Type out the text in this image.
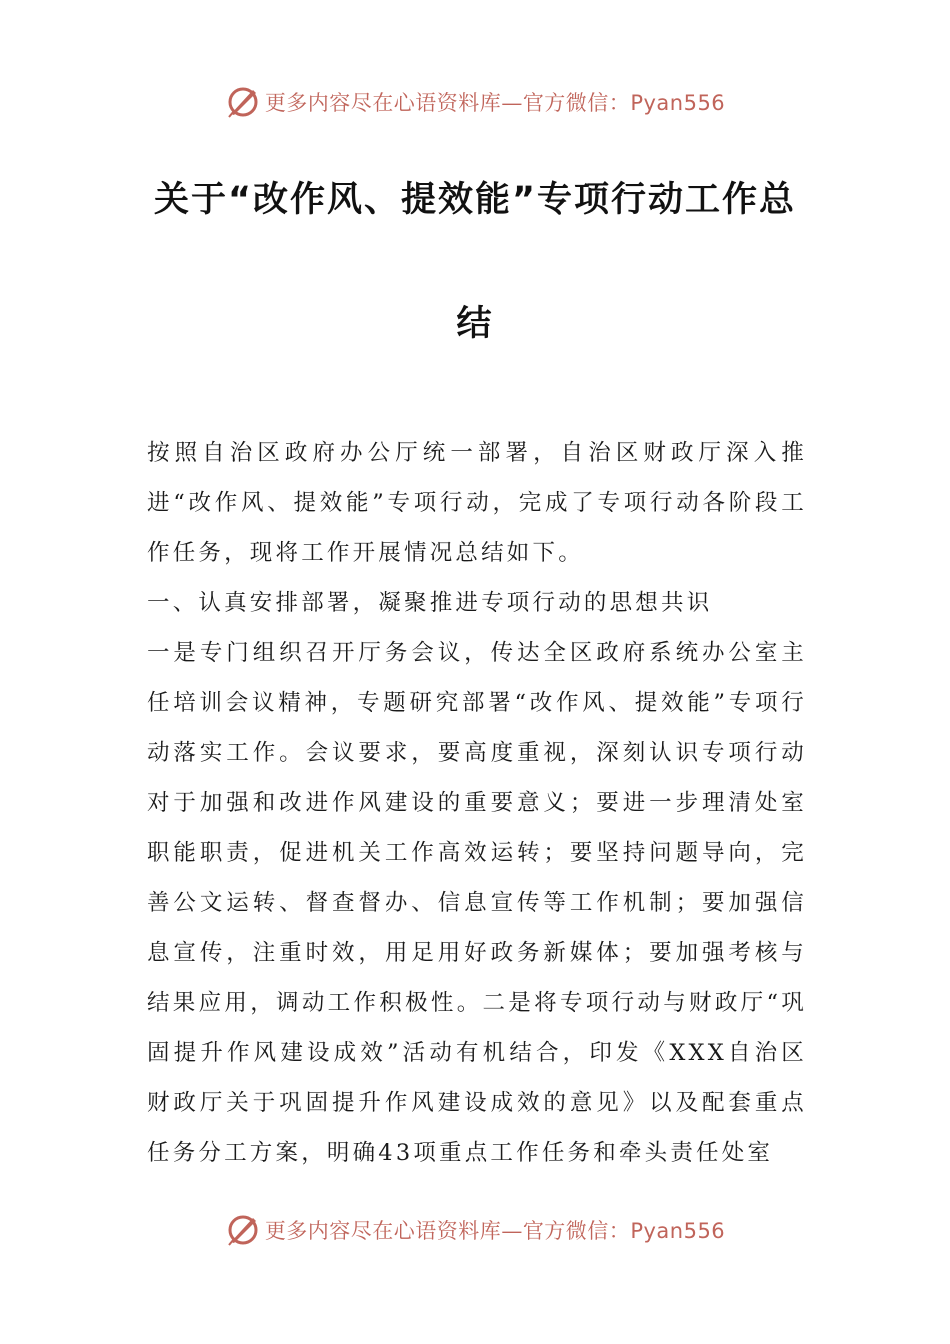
更多内容尽在心语资料库—官方微信：Pyan556
关于“改作风、提效能”专项行动工作总
结

按照自治区政府办公厅统一部署，自治区财政厅深入推进“改作风、提效能”专项行动，完成了专项行动各阶段工作任务，现将工作开展情况总结如下。

一、认真安排部署，凝聚推进专项行动的思想共识

一是专门组织召开厅务会议，传达全区政府系统办公室主任培训会议精神，专题研究部署“改作风、提效能”专项行动落实工作。会议要求，要高度重视，深刻认识专项行动对于加强和改进作风建设的重要意义；要进一步理清处室职能职责，促进机关工作高效运转；要坚持问题导向，完善公文运转、督查督办、信息宣传等工作机制；要加强信息宣传，注重时效，用足用好政务新媒体；要加强考核与结果应用，调动工作积极性。二是将专项行动与财政厅“巩固提升作风建设成效”活动有机结合，印发《XXX自治区财政厅关于巩固提升作风建设成效的意见》以及配套重点任务分工方案，明确43项重点工作任务和牵头责任处室

更多内容尽在心语资料库—官方微信：Pyan556
